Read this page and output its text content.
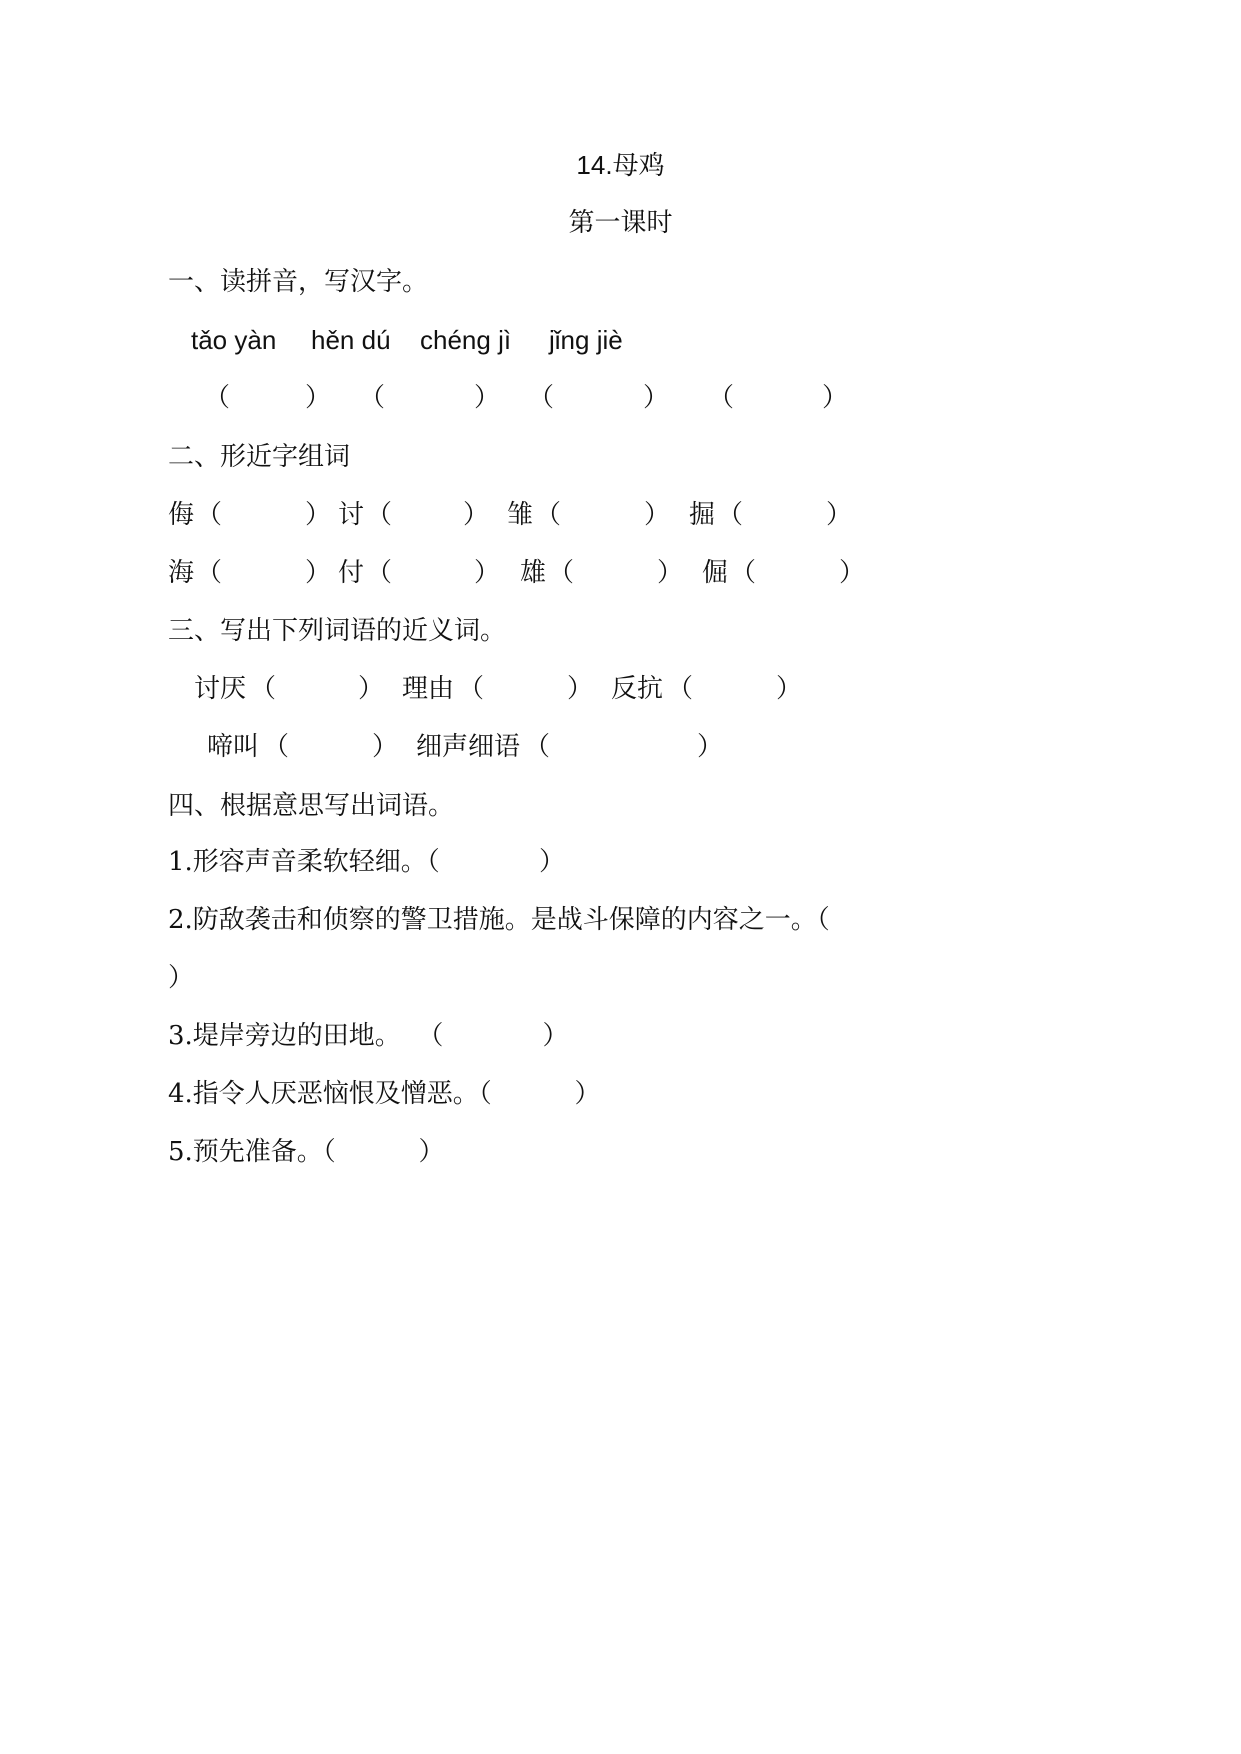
14.母鸡
第一课时
一、读拼音，写汉字。
tǎo yàn hěn dú chéng jì jǐng jiè
（	） （	） （	） （	）
二、形近字组词
侮 （	） 讨 （	） 雏 （	） 掘 （	）
海 （	） 付 （	） 雄 （	） 倔 （	）
三、写出下列词语的近义词。
讨厌 （	） 理由 （	） 反抗 （	）
啼叫 （	） 细声细语 （	）
四、根据意思写出词语。
1.形容声音柔软轻细。（            ）
2.防敌袭击和侦察的警卫措施。是战斗保障的内容之一。（
）
3.堤岸旁边的田地。  （            ）
4.指令人厌恶恼恨及憎恶。（          ）
5.预先准备。（          ）
